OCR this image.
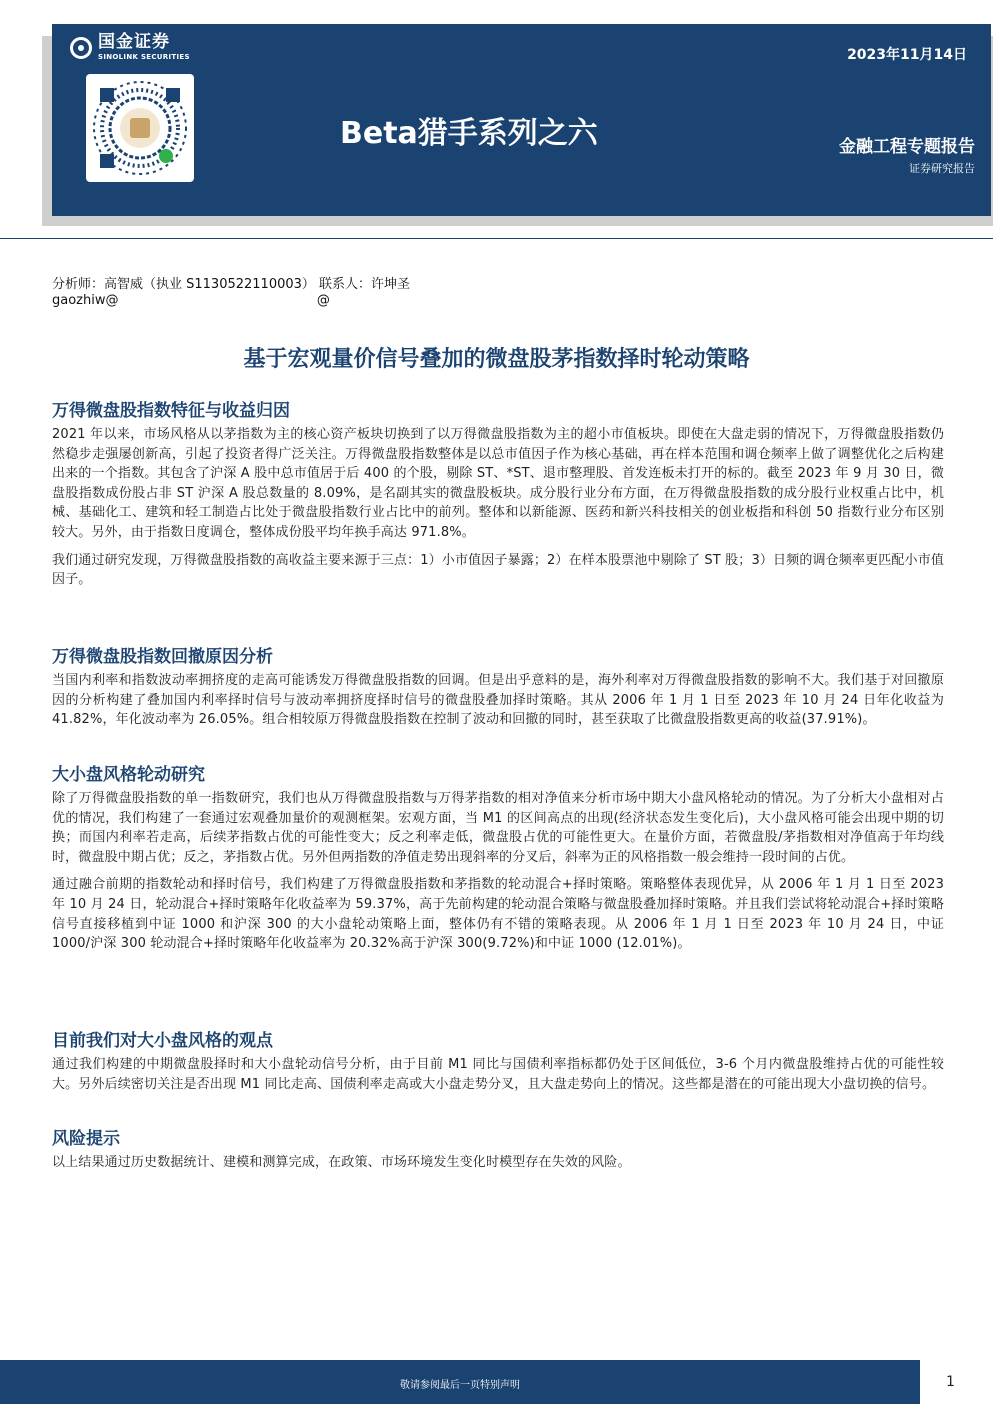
国金证券
SINOLINK SECURITIES	2023年11月14日
Beta猎手系列之六	金融工程专题报告
证券研究报告
分析师：高智威（执业 S1130522110003） 联系人：许坤圣
gaozhiw@                                                @
基于宏观量价信号叠加的微盘股茅指数择时轮动策略
万得微盘股指数特征与收益归因

2021 年以来，市场风格从以茅指数为主的核心资产板块切换到了以万得微盘股指数为主的超小市值板块。即使在大盘走弱的情况下，万得微盘股指数仍然稳步走强屡创新高，引起了投资者得广泛关注。万得微盘股指数整体是以总市值因子作为核心基础，再在样本范围和调仓频率上做了调整优化之后构建出来的一个指数。其包含了沪深 A 股中总市值居于后 400 的个股，剔除 ST、*ST、退市整理股、首发连板未打开的标的。截至 2023 年 9 月 30 日，微盘股指数成份股占非 ST 沪深 A 股总数量的 8.09%，是名副其实的微盘股板块。成分股行业分布方面，在万得微盘股指数的成分股行业权重占比中，机械、基础化工、建筑和轻工制造占比处于微盘股指数行业占比中的前列。整体和以新能源、医药和新兴科技相关的创业板指和科创 50 指数行业分布区别较大。另外，由于指数日度调仓，整体成份股平均年换手高达 971.8%。

我们通过研究发现，万得微盘股指数的高收益主要来源于三点：1）小市值因子暴露；2）在样本股票池中剔除了 ST 股；3）日频的调仓频率更匹配小市值因子。

万得微盘股指数回撤原因分析

当国内利率和指数波动率拥挤度的走高可能诱发万得微盘股指数的回调。但是出乎意料的是，海外利率对万得微盘股指数的影响不大。我们基于对回撤原因的分析构建了叠加国内利率择时信号与波动率拥挤度择时信号的微盘股叠加择时策略。其从 2006 年 1 月 1 日至 2023 年 10 月 24 日年化收益为 41.82%，年化波动率为 26.05%。组合相较原万得微盘股指数在控制了波动和回撤的同时，甚至获取了比微盘股指数更高的收益(37.91%)。

大小盘风格轮动研究

除了万得微盘股指数的单一指数研究，我们也从万得微盘股指数与万得茅指数的相对净值来分析市场中期大小盘风格轮动的情况。为了分析大小盘相对占优的情况，我们构建了一套通过宏观叠加量价的观测框架。宏观方面，当 M1 的区间高点的出现(经济状态发生变化后)，大小盘风格可能会出现中期的切换；而国内利率若走高，后续茅指数占优的可能性变大；反之利率走低，微盘股占优的可能性更大。在量价方面，若微盘股/茅指数相对净值高于年均线时，微盘股中期占优；反之，茅指数占优。另外但两指数的净值走势出现斜率的分叉后，斜率为正的风格指数一般会维持一段时间的占优。

通过融合前期的指数轮动和择时信号，我们构建了万得微盘股指数和茅指数的轮动混合+择时策略。策略整体表现优异，从 2006 年 1 月 1 日至 2023 年 10 月 24 日，轮动混合+择时策略年化收益率为 59.37%，高于先前构建的轮动混合策略与微盘股叠加择时策略。并且我们尝试将轮动混合+择时策略信号直接移植到中证 1000 和沪深 300 的大小盘轮动策略上面，整体仍有不错的策略表现。从 2006 年 1 月 1 日至 2023 年 10 月 24 日，中证 1000/沪深 300 轮动混合+择时策略年化收益率为 20.32%高于沪深 300(9.72%)和中证 1000 (12.01%)。

目前我们对大小盘风格的观点

通过我们构建的中期微盘股择时和大小盘轮动信号分析，由于目前 M1 同比与国债利率指标都仍处于区间低位，3-6 个月内微盘股维持占优的可能性较大。另外后续密切关注是否出现 M1 同比走高、国债利率走高或大小盘走势分叉，且大盘走势向上的情况。这些都是潜在的可能出现大小盘切换的信号。

风险提示

以上结果通过历史数据统计、建模和测算完成，在政策、市场环境发生变化时模型存在失效的风险。

敬请参阅最后一页特别声明	1
